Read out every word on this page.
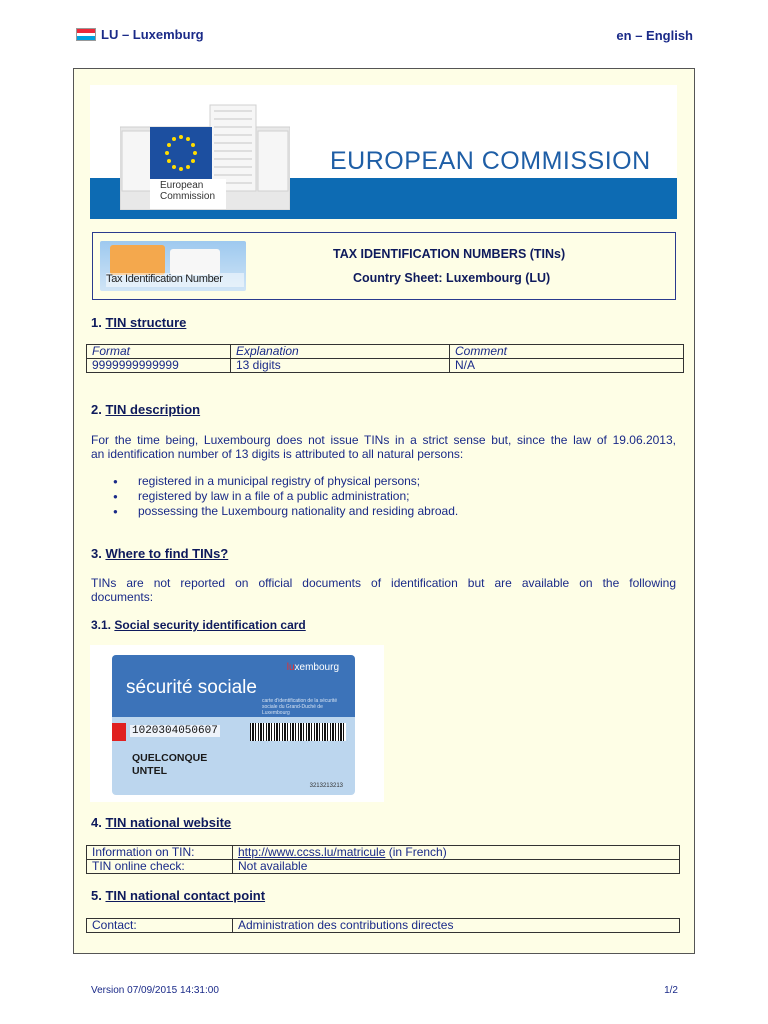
LU – Luxemburg	en – English
European
Commission
EUROPEAN COMMISSION
Tax Identification Number
TAX IDENTIFICATION NUMBERS (TINs)
Country Sheet: Luxembourg (LU)
1. TIN structure
Format	Explanation	Comment
9999999999999	13 digits	N/A
2. TIN description
For the time being, Luxembourg does not issue TINs in a strict sense but, since the law of 19.06.2013,
an identification number of 13 digits is attributed to all natural persons:
● registered in a municipal registry of physical persons;
● registered by law in a file of a public administration;
● possessing the Luxembourg nationality and residing abroad.
3. Where to find TINs?
TINs are not reported on official documents of identification but are available on the following
documents:
3.1. Social security identification card
luxembourg
sécurité sociale
carte d'identification de la sécurité sociale du Grand-Duché de Luxembourg
1020304050607
QUELCONQUE
UNTEL
3213213213
4. TIN national website
Information on TIN:	http://www.ccss.lu/matricule (in French)
TIN online check:	Not available
5. TIN national contact point
Contact:	Administration des contributions directes
Version 07/09/2015 14:31:00	1/2
